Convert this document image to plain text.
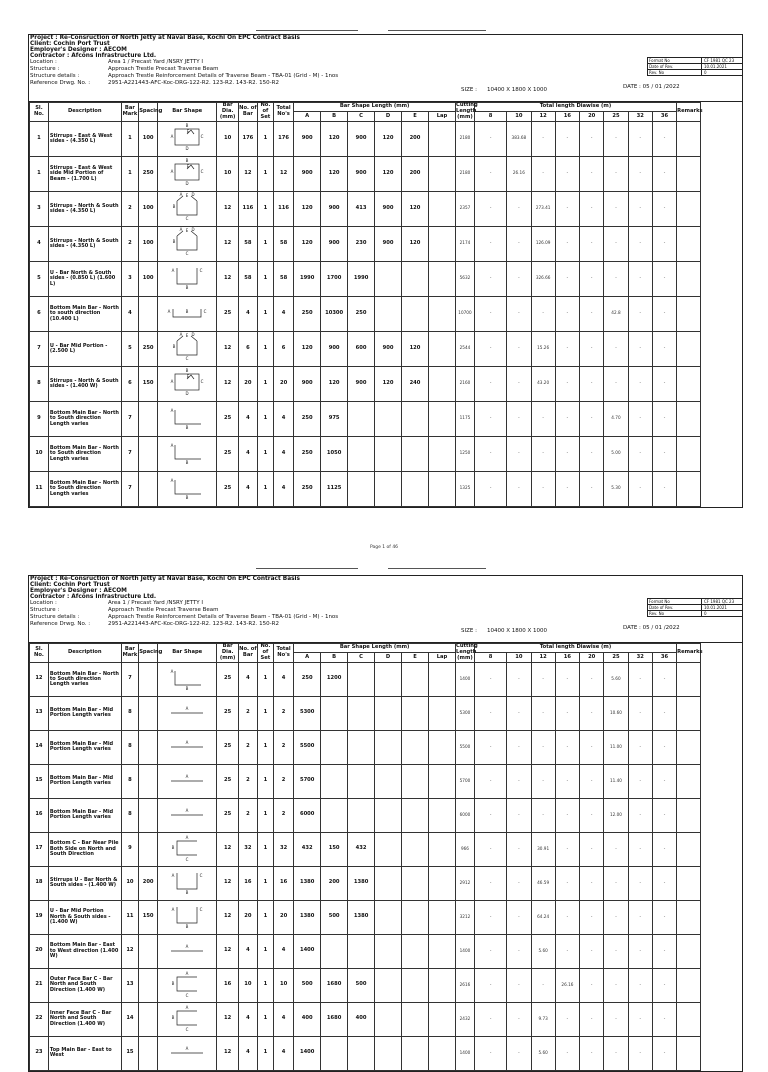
Project : Re-Consruction of North Jetty at Naval Base, Kochi On EPC Contract Basis
Client: Cochin Port Trust
Employer's Designer : AECOM
Contractor : Afcons Infrastructure Ltd.
Location :	Area 1 / Precast Yard /NSRY JETTY I
Structure :	Approach Trestle Precast Traverse Beam
Structure details :	Approach Trestle Reinforcement Details of Traverse Beam - TBA-01 (Grid - M) - 1nos
Reference Drwg. No. :	2951-A221443-AFC-Koc-DRG-122-R2. 123-R2. 143-R2. 150-R2
Format No	CF 1981 QC 23
Date of Rev.	10.01.2021
Rev. No	0
SIZE : 10400 X 1800 X 1000	DATE : 05 / 01 /2022
Sl. No.	Description	Bar Mark	Spacing	Bar Shape	Bar Dia. (mm)	No. of Bar	No. of Set	Total No's	Bar Shape Length (mm)						Cutting Length (mm)	Total length Diawise (m)								Remarks
									A	B	C	D	E	Lap		8	10	12	16	20	25	32	36	
1	Stirrups - East & West sides - (4.350 L)	1	100	B
A C
D
E	10	176	1	176	900	120	900	120	200		2180	-	383.68	-	-	-	-	-	-	
1	Stirrups - East & West side Mid Portion of Beam - (1.700 L)	1	250	B
A C
D
E	10	12	1	12	900	120	900	120	200		2180	-	26.16	-	-	-	-	-	-	
3	Stirrups - North & South sides - (4.350 L)	2	100	E
A D
B
C	12	116	1	116	120	900	413	900	120		2357	-	-	273.41	-	-	-	-	-	
4	Stirrups - North & South sides - (4.350 L)	2	100	E
A D
B
C	12	58	1	58	120	900	230	900	120		2174	-	-	126.09	-	-	-	-	-	
5	U - Bar North & South sides - (0.850 L) (1.600 L)	3	100	A C
B	12	58	1	58	1990	1700	1990				5632	-	-	326.66	-	-	-	-	-	
6	Bottom Main Bar - North to south direction (10.400 L)	4		B
A C	25	4	1	4	250	10300	250				10700	-	-	-	-	-	42.8	-	-	
7	U - Bar Mid Portion - (2.500 L)	5	250	E
A D
B
C	12	6	1	6	120	900	600	900	120		2544	-	-	15.26	-	-	-	-	-	
8	Stirrups - North & South sides - (1.400 W)	6	150	B
A C
D
E	12	20	1	20	900	120	900	120	240		2160	-	-	43.20	-	-	-	-	-	
9	Bottom Main Bar - North to South direction Length varies	7		A
B	25	4	1	4	250	975					1175	-	-	-	-	-	4.70	-	-	
10	Bottom Main Bar - North to South direction Length varies	7		A
B	25	4	1	4	250	1050					1250	-	-	-	-	-	5.00	-	-	
11	Bottom Main Bar - North to South direction Length varies	7		A
B	25	4	1	4	250	1125					1325	-	-	-	-	-	5.30	-	-	
Page 1 of 46
Project : Re-Consruction of North Jetty at Naval Base, Kochi On EPC Contract Basis
Client: Cochin Port Trust
Employer's Designer : AECOM
Contractor : Afcons Infrastructure Ltd.
Location :	Area 1 / Precast Yard /NSRY JETTY I
Structure :	Approach Trestle Precast Traverse Beam
Structure details :	Approach Trestle Reinforcement Details of Traverse Beam - TBA-01 (Grid - M) - 1nos
Reference Drwg. No. :	2951-A221443-AFC-Koc-DRG-122-R2. 123-R2. 143-R2. 150-R2
Format No	CF 1981 QC 23
Date of Rev.	10.01.2021
Rev. No	0
SIZE : 10400 X 1800 X 1000	DATE : 05 / 01 /2022
Sl. No.	Description	Bar Mark	Spacing	Bar Shape	Bar Dia. (mm)	No. of Bar	No. of Set	Total No's	Bar Shape Length (mm)						Cutting Length (mm)	Total length Diawise (m)								Remarks
									A	B	C	D	E	Lap		8	10	12	16	20	25	32	36	
12	Bottom Main Bar - North to South direction Length varies	7		A
B	25	4	1	4	250	1200					1400	-	-	-	-	-	5.60	-	-	
13	Bottom Main Bar - Mid Portion Length varies	8		A	25	2	1	2	5300						5300	-	-	-	-	-	10.60	-	-	
14	Bottom Main Bar - Mid Portion Length varies	8		A	25	2	1	2	5500						5500	-	-	-	-	-	11.00	-	-	
15	Bottom Main Bar - Mid Portion Length varies	8		A	25	2	1	2	5700						5700	-	-	-	-	-	11.40	-	-	
16	Bottom Main Bar - Mid Portion Length varies	8		A	25	2	1	2	6000						6000	-	-	-	-	-	12.00	-	-	
17	Bottom C - Bar Near Pile Both Side on North and South Direction	9		A
B
C	12	32	1	32	432	150	432				966	-	-	30.91	-	-	-	-	-	
18	Stirrups U - Bar North & South sides - (1.400 W)	10	200	A C
B	12	16	1	16	1380	200	1380				2912	-	-	46.59	-	-	-	-	-	
19	U - Bar Mid Portion North & South sides - (1.400 W)	11	150	A C
B	12	20	1	20	1380	500	1380				3212	-	-	64.24	-	-	-	-	-	
20	Bottom Main Bar - East to West direction (1.400 W)	12		A	12	4	1	4	1400						1400	-	-	5.60	-	-	-	-	-	
21	Outer Face Bar C - Bar North and South Direction (1.400 W)	13		A
B
C	16	10	1	10	500	1680	500				2616	-	-	-	26.16	-	-	-	-	
22	Inner Face Bar C - Bar North and South Direction (1.400 W)	14		A
B
C	12	4	1	4	400	1680	400				2432	-	-	9.73	-	-	-	-	-	
23	Top Main Bar - East to West	15		A	12	4	1	4	1400						1400	-	-	5.60	-	-	-	-	-	
